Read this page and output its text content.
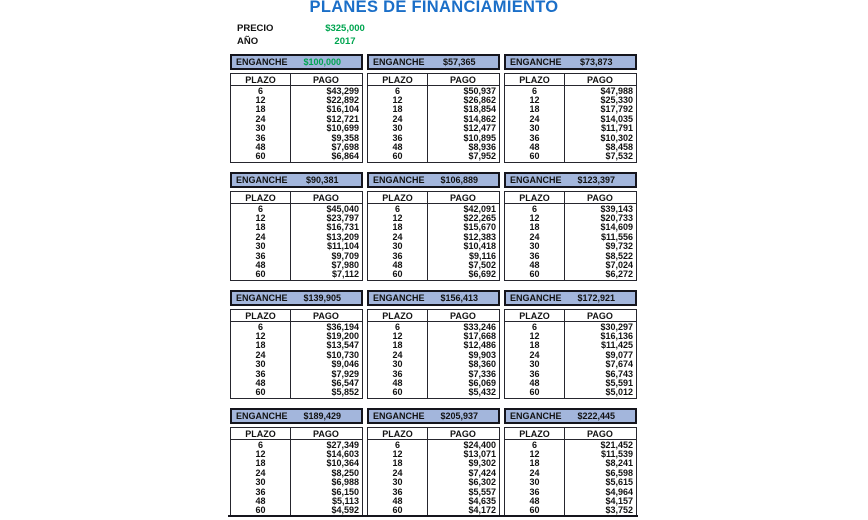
PLANES DE FINANCIAMIENTO
PRECIO	$325,000
AÑO	2017
ENGANCHE	$100,000
PLAZO	PAGO
6	$43,299
12	$22,892
18	$16,104
24	$12,721
30	$10,699
36	$9,358
48	$7,698
60	$6,864
ENGANCHE	$57,365
PLAZO	PAGO
6	$50,937
12	$26,862
18	$18,854
24	$14,862
30	$12,477
36	$10,895
48	$8,936
60	$7,952
ENGANCHE	$73,873
PLAZO	PAGO
6	$47,988
12	$25,330
18	$17,792
24	$14,035
30	$11,791
36	$10,302
48	$8,458
60	$7,532
ENGANCHE	$90,381
PLAZO	PAGO
6	$45,040
12	$23,797
18	$16,731
24	$13,209
30	$11,104
36	$9,709
48	$7,980
60	$7,112
ENGANCHE	$106,889
PLAZO	PAGO
6	$42,091
12	$22,265
18	$15,670
24	$12,383
30	$10,418
36	$9,116
48	$7,502
60	$6,692
ENGANCHE	$123,397
PLAZO	PAGO
6	$39,143
12	$20,733
18	$14,609
24	$11,556
30	$9,732
36	$8,522
48	$7,024
60	$6,272
ENGANCHE	$139,905
PLAZO	PAGO
6	$36,194
12	$19,200
18	$13,547
24	$10,730
30	$9,046
36	$7,929
48	$6,547
60	$5,852
ENGANCHE	$156,413
PLAZO	PAGO
6	$33,246
12	$17,668
18	$12,486
24	$9,903
30	$8,360
36	$7,336
48	$6,069
60	$5,432
ENGANCHE	$172,921
PLAZO	PAGO
6	$30,297
12	$16,136
18	$11,425
24	$9,077
30	$7,674
36	$6,743
48	$5,591
60	$5,012
ENGANCHE	$189,429
PLAZO	PAGO
6	$27,349
12	$14,603
18	$10,364
24	$8,250
30	$6,988
36	$6,150
48	$5,113
60	$4,592
ENGANCHE	$205,937
PLAZO	PAGO
6	$24,400
12	$13,071
18	$9,302
24	$7,424
30	$6,302
36	$5,557
48	$4,635
60	$4,172
ENGANCHE	$222,445
PLAZO	PAGO
6	$21,452
12	$11,539
18	$8,241
24	$6,598
30	$5,615
36	$4,964
48	$4,157
60	$3,752
